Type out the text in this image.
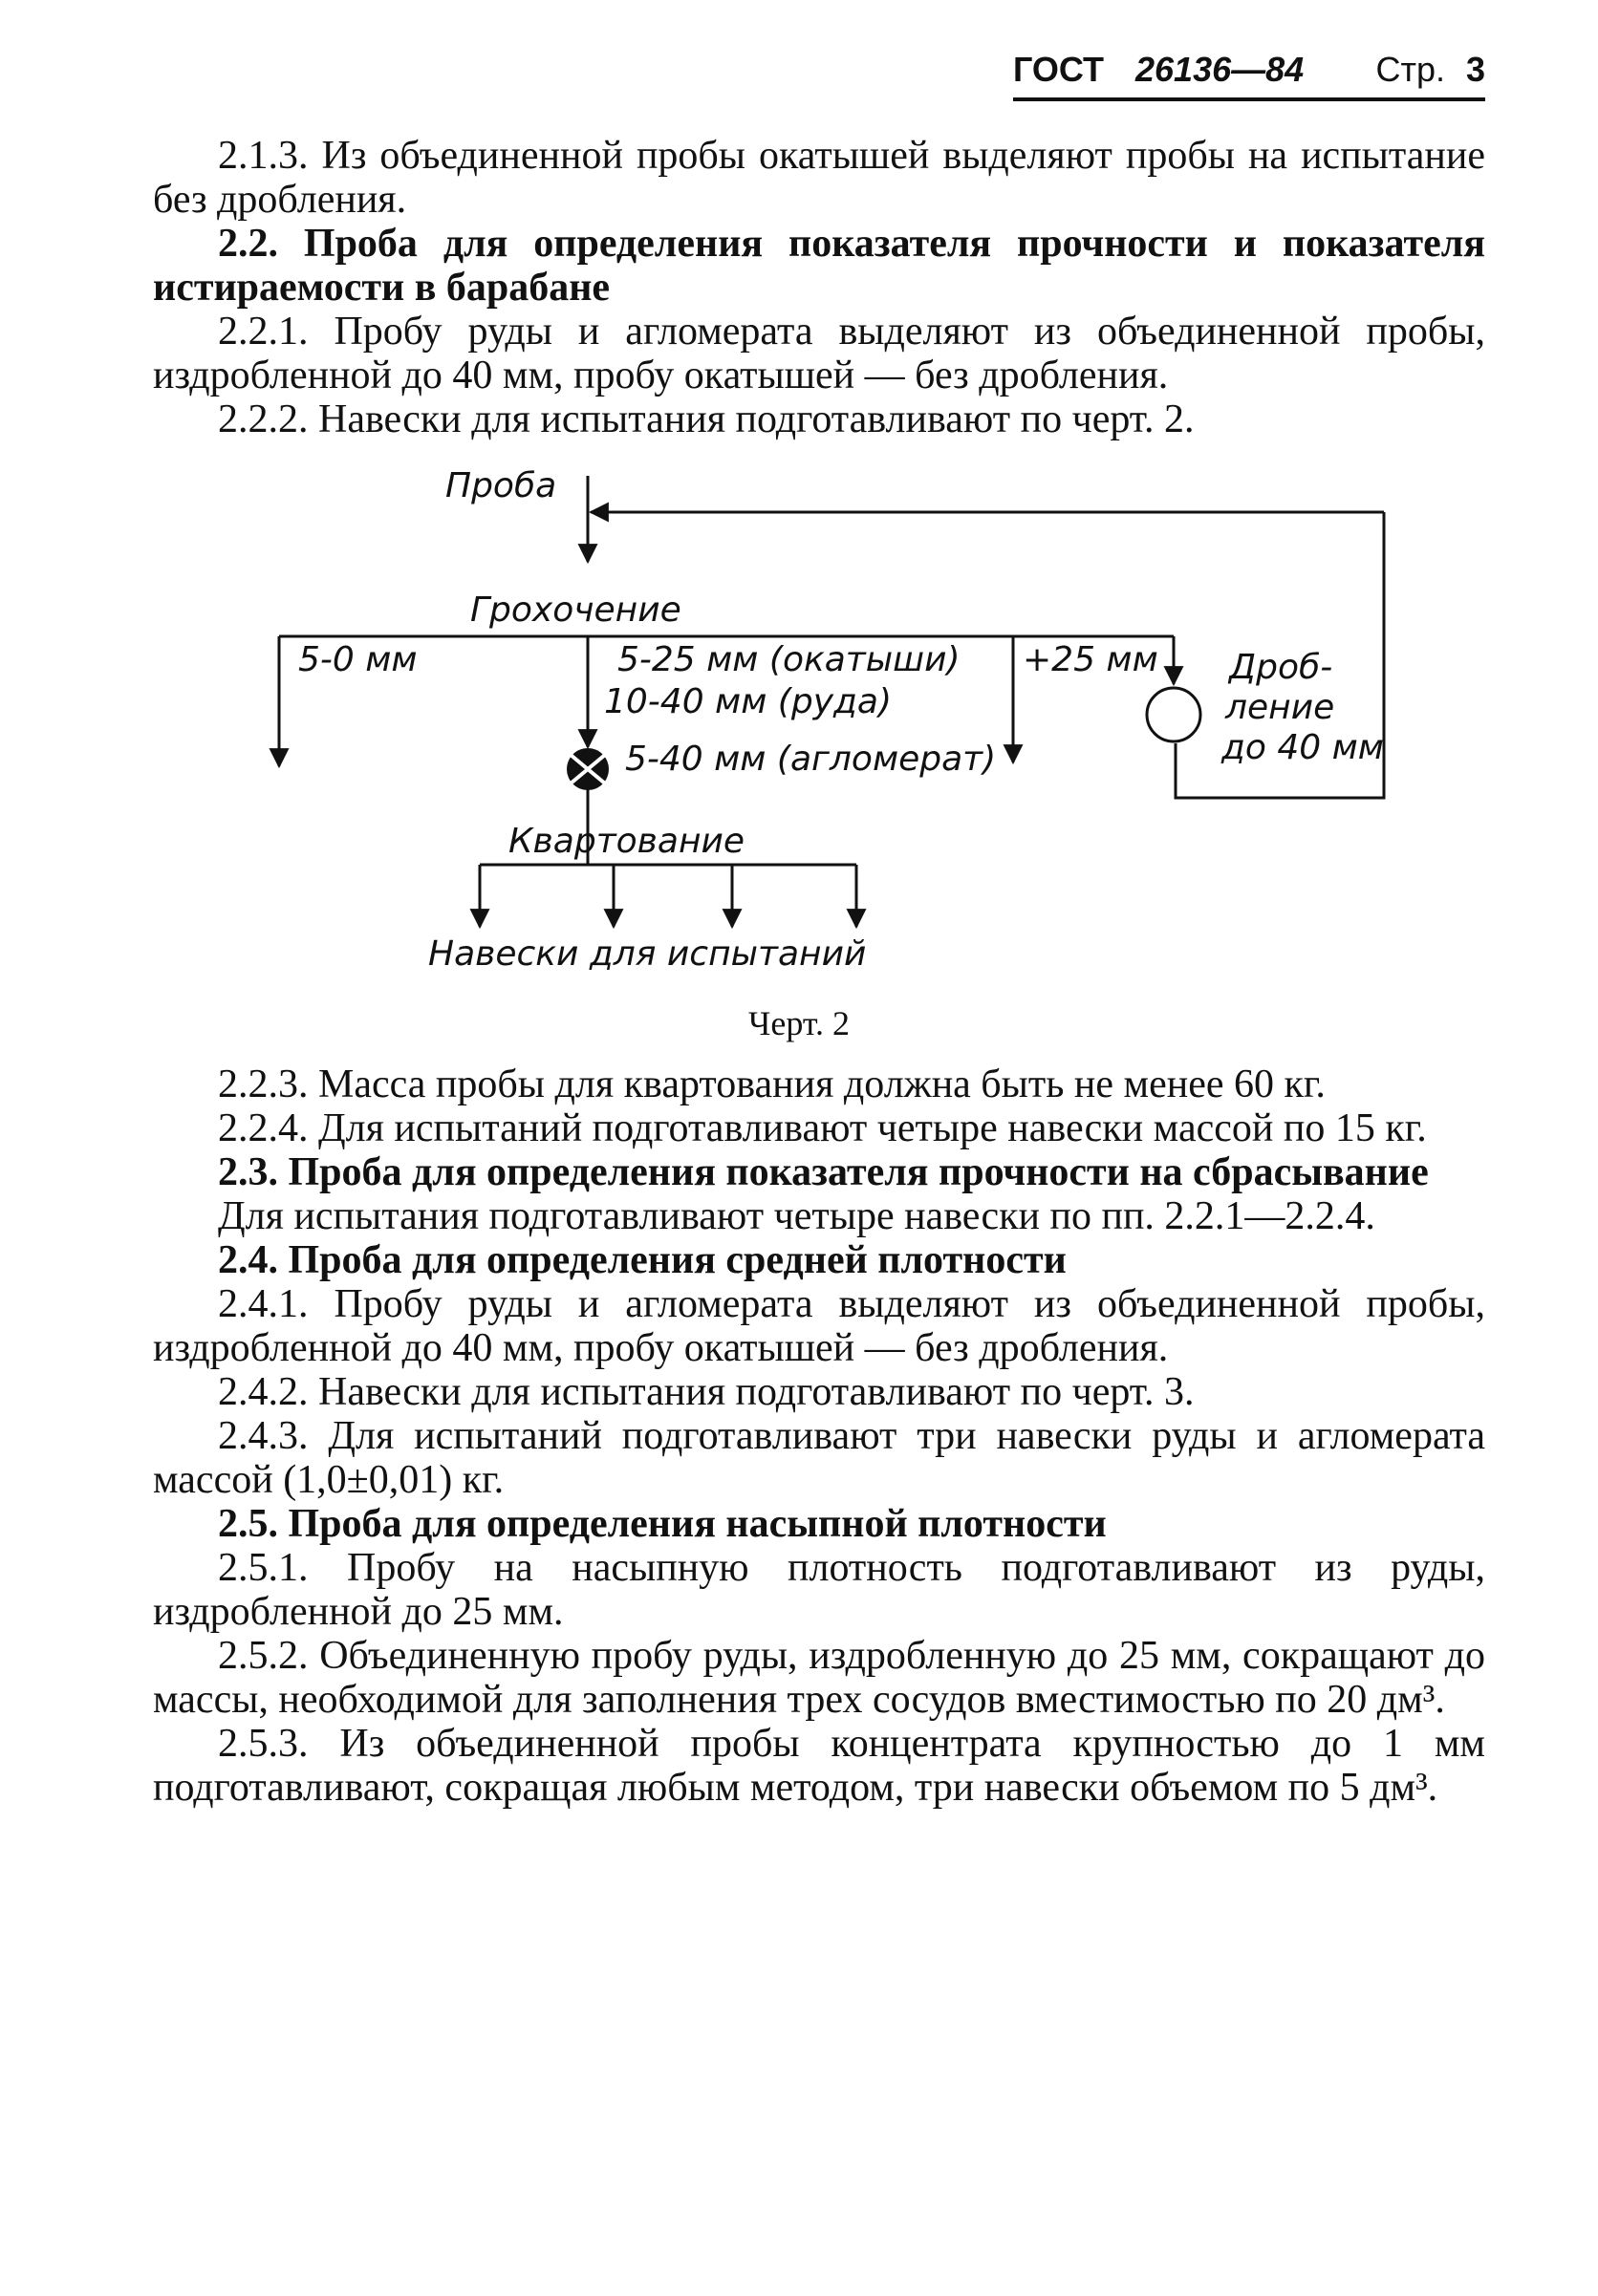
ГОСТ 26136—84 Стр. 3

2.1.3. Из объединенной пробы окатышей выделяют пробы на испытание без дробления.

2.2. Проба для определения показателя прочности и показателя истираемости в барабане

2.2.1. Пробу руды и агломерата выделяют из объединенной пробы, издробленной до 40 мм, пробу окатышей — без дробления.

2.2.2. Навески для испытания подготавливают по черт. 2.

Проба
Грохочение
5-0 мм	5-25 мм (окатыши)
10-40 мм (руда)
+25 мм
5-40 мм (агломерат)
Дроб-
ление
до 40 мм
Квартование
Навески для испытаний
Черт. 2

2.2.3. Масса пробы для квартования должна быть не менее 60 кг.

2.2.4. Для испытаний подготавливают четыре навески массой по 15 кг.

2.3. Проба для определения показателя прочности на сбрасывание

Для испытания подготавливают четыре навески по пп. 2.2.1—2.2.4.

2.4. Проба для определения средней плотности

2.4.1. Пробу руды и агломерата выделяют из объединенной пробы, издробленной до 40 мм, пробу окатышей — без дробления.

2.4.2. Навески для испытания подготавливают по черт. 3.

2.4.3. Для испытаний подготавливают три навески руды и агломерата массой (1,0±0,01) кг.

2.5. Проба для определения насыпной плотности

2.5.1. Пробу на насыпную плотность подготавливают из руды, издробленной до 25 мм.

2.5.2. Объединенную пробу руды, издробленную до 25 мм, сокращают до массы, необходимой для заполнения трех сосудов вместимостью по 20 дм³.

2.5.3. Из объединенной пробы концентрата крупностью до 1 мм подготавливают, сокращая любым методом, три навески объемом по 5 дм³.
